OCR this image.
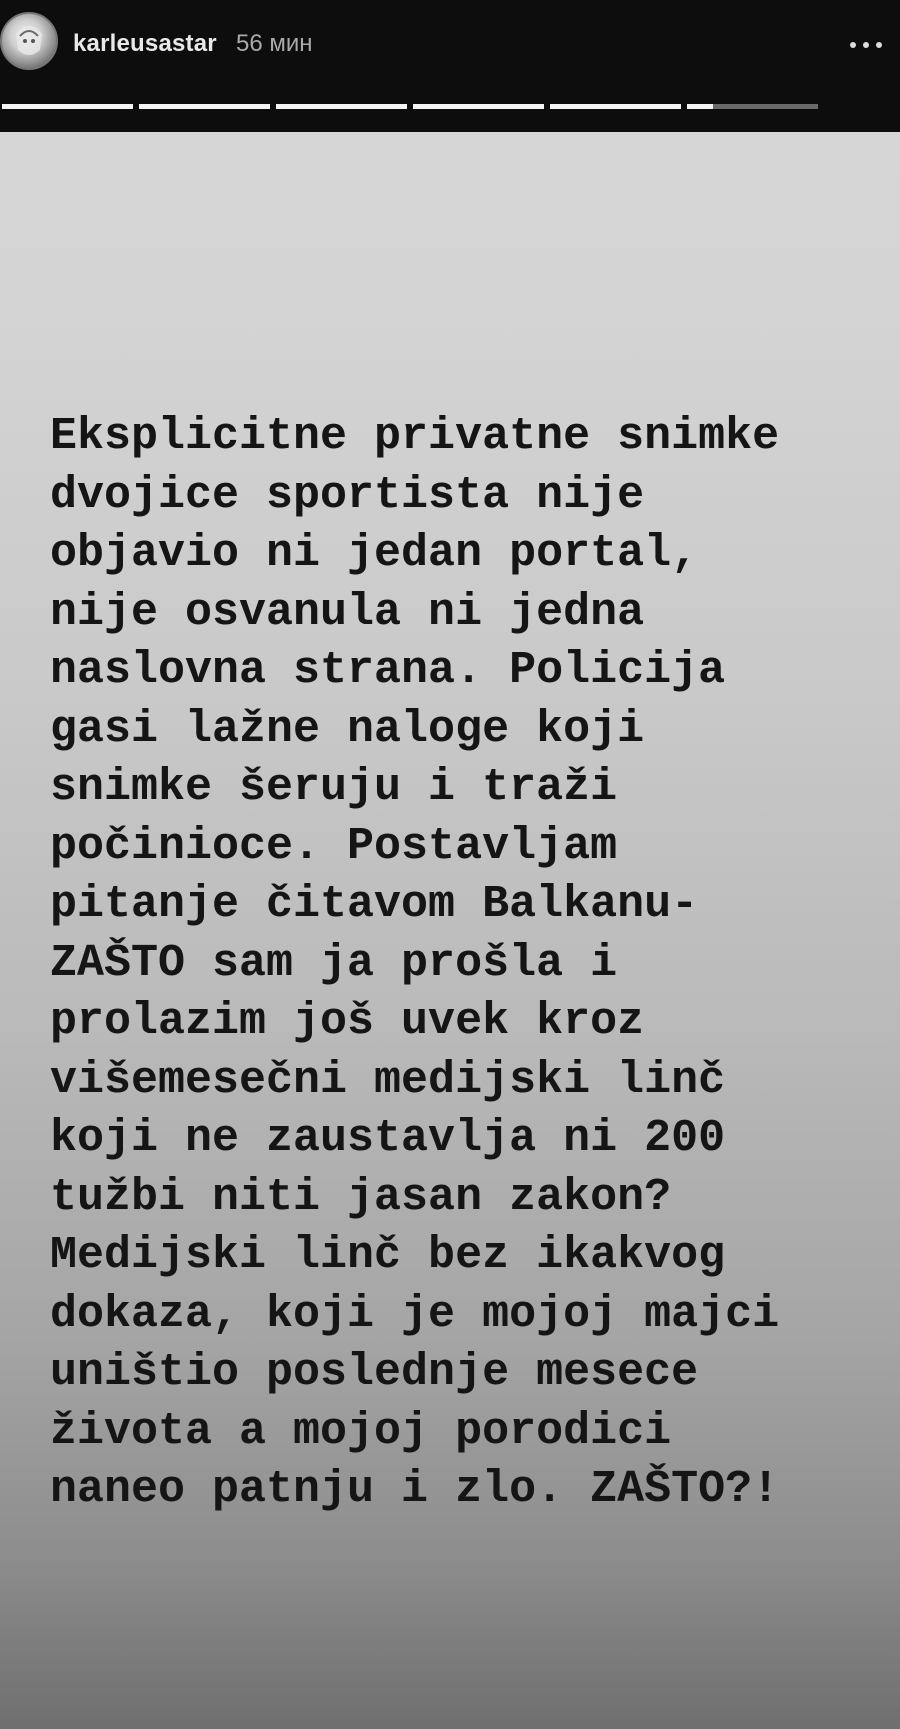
karleusastar 56 мин
Eksplicitne privatne snimke
dvojice sportista nije
objavio ni jedan portal,
nije osvanula ni jedna
naslovna strana. Policija
gasi lažne naloge koji
snimke šeruju i traži
počinioce. Postavljam
pitanje čitavom Balkanu-
ZAŠTO sam ja prošla i
prolazim još uvek kroz
višemesečni medijski linč
koji ne zaustavlja ni 200
tužbi niti jasan zakon?
Medijski linč bez ikakvog
dokaza, koji je mojoj majci
uništio poslednje mesece
života a mojoj porodici
naneo patnju i zlo. ZAŠTO?!
